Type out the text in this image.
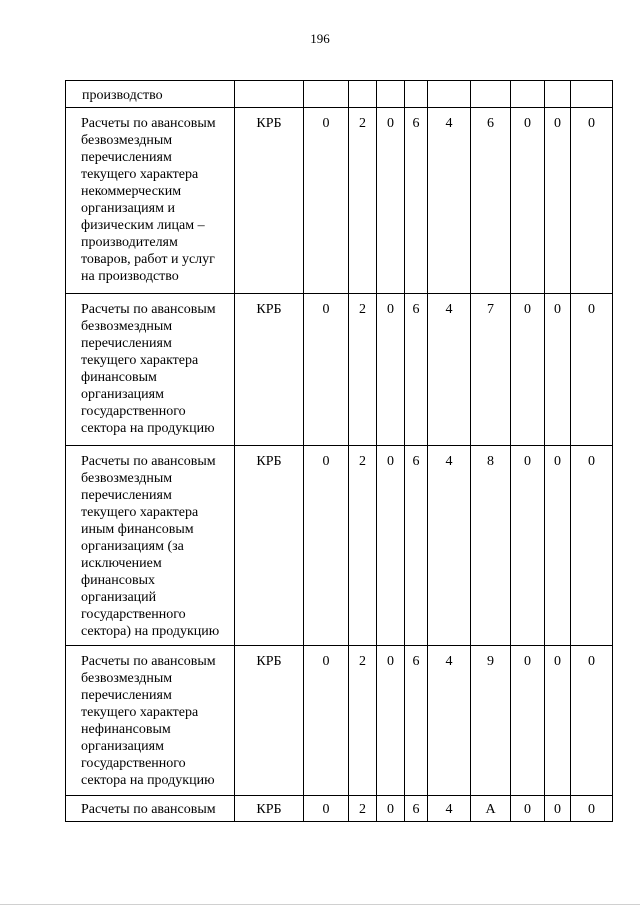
196
производство										

Расчеты по авансовым безвозмездным перечислениям текущего характера некоммерческим организациям и физическим лицам – производителям товаров, работ и услуг на производство	КРБ	0	2	0	6	4	6	0	0	0

Расчеты по авансовым безвозмездным перечислениям текущего характера финансовым организациям государственного сектора на продукцию	КРБ	0	2	0	6	4	7	0	0	0

Расчеты по авансовым безвозмездным перечислениям текущего характера иным финансовым организациям (за исключением финансовых организаций государственного сектора) на продукцию	КРБ	0	2	0	6	4	8	0	0	0

Расчеты по авансовым безвозмездным перечислениям текущего характера нефинансовым организациям государственного сектора на продукцию	КРБ	0	2	0	6	4	9	0	0	0

Расчеты по авансовым	КРБ	0	2	0	6	4	А	0	0	0
